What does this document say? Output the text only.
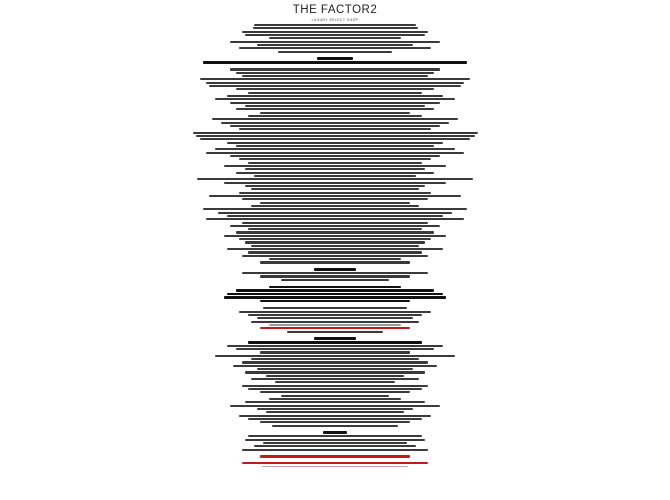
THE FACTOR2
LUXURY SELECT SHOP
